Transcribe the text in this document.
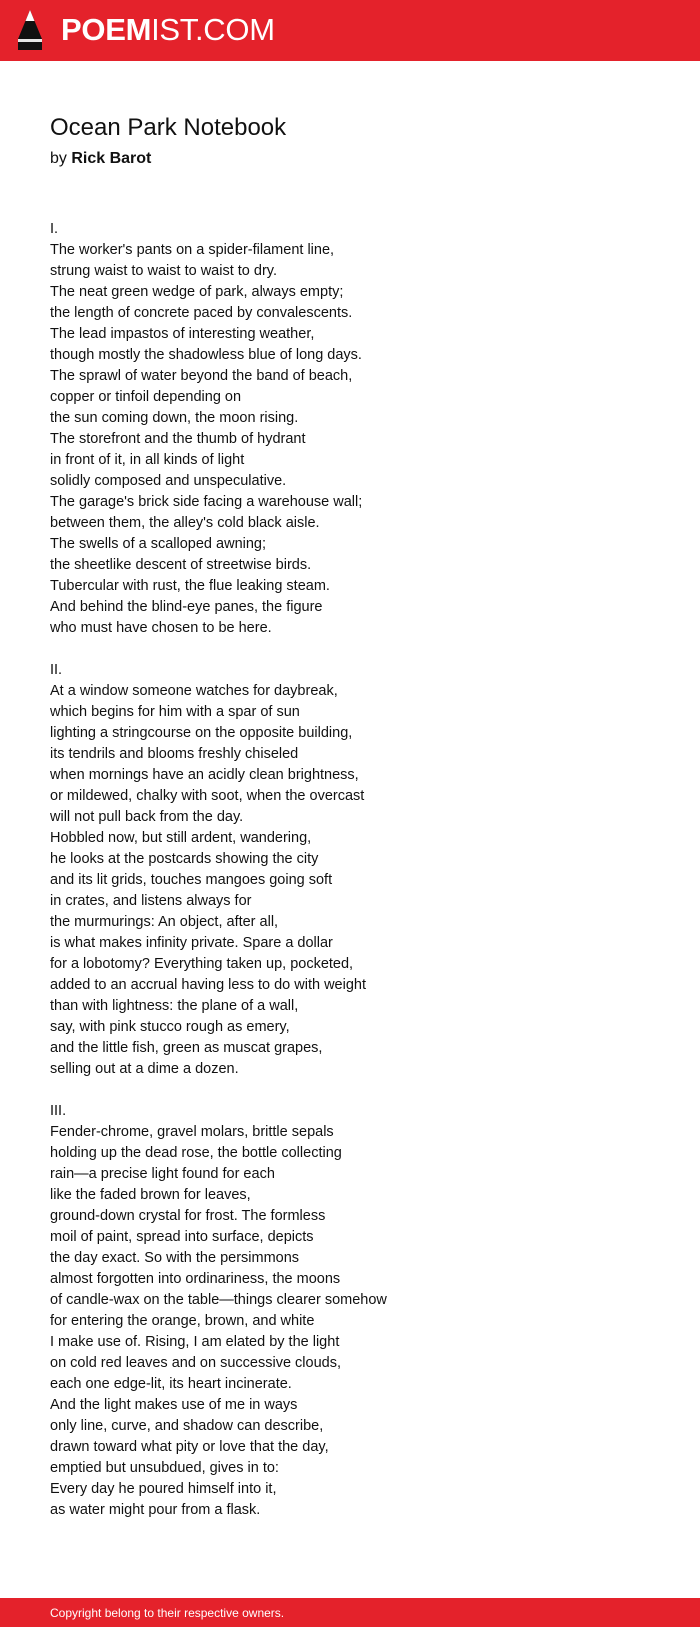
POEMIST.COM
Ocean Park Notebook
by Rick Barot
I.
The worker's pants on a spider-filament line,
strung waist to waist to waist to dry.
The neat green wedge of park, always empty;
the length of concrete paced by convalescents.
The lead impastos of interesting weather,
though mostly the shadowless blue of long days.
The sprawl of water beyond the band of beach,
copper or tinfoil depending on
the sun coming down, the moon rising.
The storefront and the thumb of hydrant
in front of it, in all kinds of light
solidly composed and unspeculative.
The garage's brick side facing a warehouse wall;
between them, the alley's cold black aisle.
The swells of a scalloped awning;
the sheetlike descent of streetwise birds.
Tubercular with rust, the flue leaking steam.
And behind the blind-eye panes, the figure
who must have chosen to be here.
II.
At a window someone watches for daybreak,
which begins for him with a spar of sun
lighting a stringcourse on the opposite building,
its tendrils and blooms freshly chiseled
when mornings have an acidly clean brightness,
or mildewed, chalky with soot, when the overcast
will not pull back from the day.
Hobbled now, but still ardent, wandering,
he looks at the postcards showing the city
and its lit grids, touches mangoes going soft
in crates, and listens always for
the murmurings: An object, after all,
is what makes infinity private. Spare a dollar
for a lobotomy? Everything taken up, pocketed,
added to an accrual having less to do with weight
than with lightness: the plane of a wall,
say, with pink stucco rough as emery,
and the little fish, green as muscat grapes,
selling out at a dime a dozen.
III.
Fender-chrome, gravel molars, brittle sepals
holding up the dead rose, the bottle collecting
rain—a precise light found for each
like the faded brown for leaves,
ground-down crystal for frost. The formless
moil of paint, spread into surface, depicts
the day exact. So with the persimmons
almost forgotten into ordinariness, the moons
of candle-wax on the table—things clearer somehow
for entering the orange, brown, and white
I make use of. Rising, I am elated by the light
on cold red leaves and on successive clouds,
each one edge-lit, its heart incinerate.
And the light makes use of me in ways
only line, curve, and shadow can describe,
drawn toward what pity or love that the day,
emptied but unsubdued, gives in to:
Every day he poured himself into it,
as water might pour from a flask.
Copyright belong to their respective owners.
